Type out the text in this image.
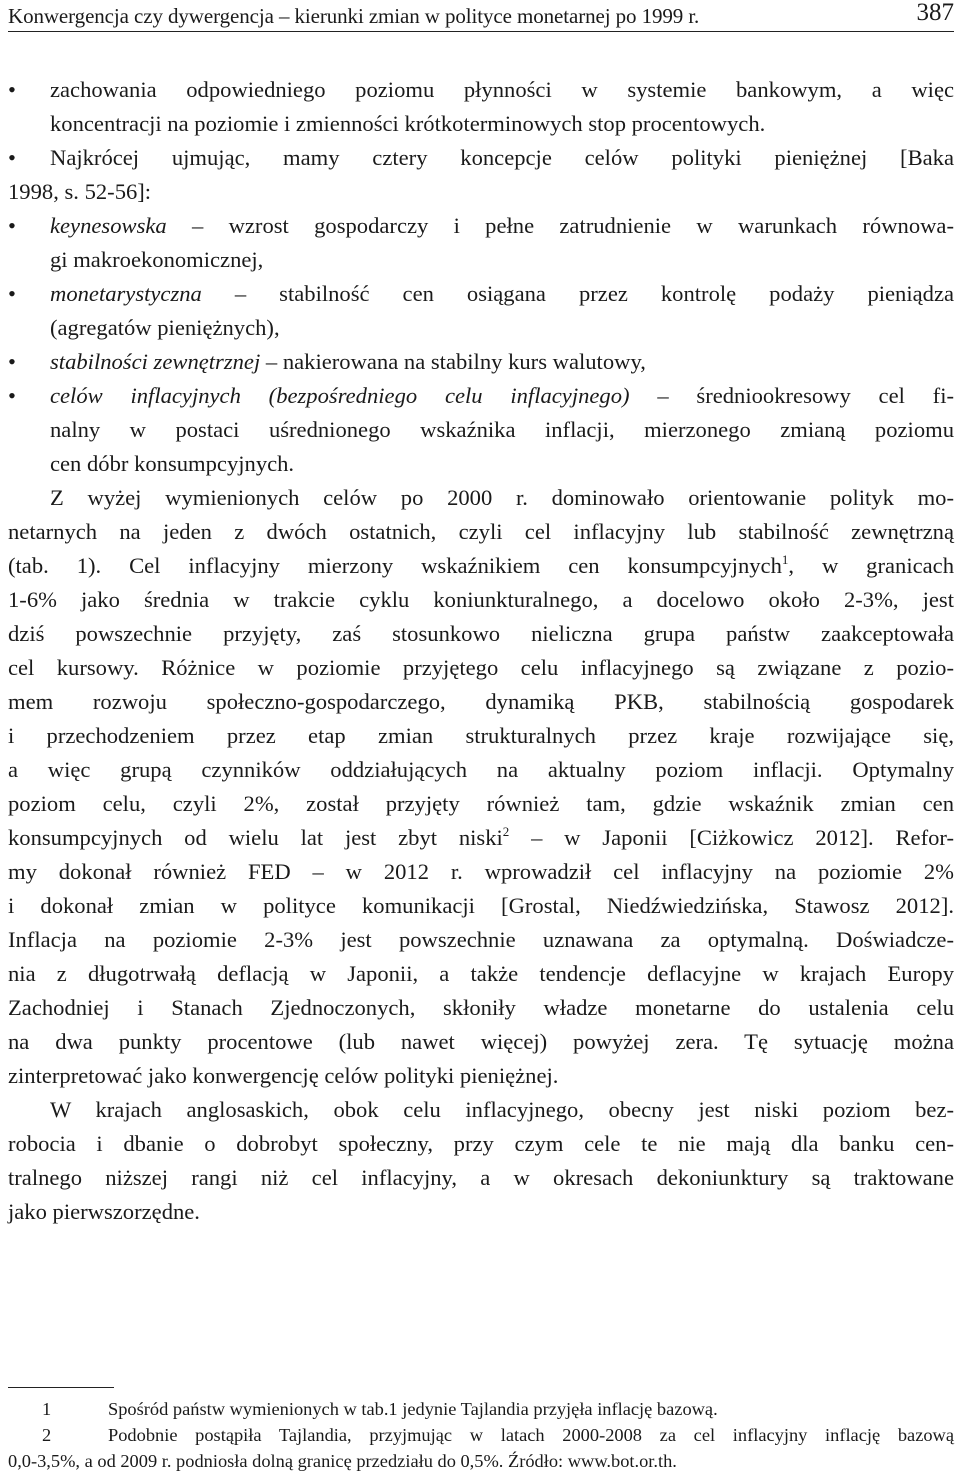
Konwergencja czy dywergencja – kierunki zmian w polityce monetarnej po 1999 r.	387
• zachowania odpowiedniego poziomu płynności w systemie bankowym, a więc
koncentracji na poziomie i zmienności krótkoterminowych stop procentowych.
• Najkrócej ujmując, mamy cztery koncepcje celów polityki pieniężnej [Baka
1998, s. 52-56]:
• keynesowska – wzrost gospodarczy i pełne zatrudnienie w warunkach równowa-
gi makroekonomicznej,
• monetarystyczna – stabilność cen osiągana przez kontrolę podaży pieniądza
(agregatów pieniężnych),
• stabilności zewnętrznej – nakierowana na stabilny kurs walutowy,
• celów inflacyjnych (bezpośredniego celu inflacyjnego) – średniookresowy cel fi-
nalny w postaci uśrednionego wskaźnika inflacji, mierzonego zmianą poziomu
cen dóbr konsumpcyjnych.
Z wyżej wymienionych celów po 2000 r. dominowało orientowanie polityk mo-
netarnych na jeden z dwóch ostatnich, czyli cel inflacyjny lub stabilność zewnętrzną
(tab. 1). Cel inflacyjny mierzony wskaźnikiem cen konsumpcyjnych$^1$, w granicach
1-6% jako średnia w trakcie cyklu koniunkturalnego, a docelowo około 2-3%, jest
dziś powszechnie przyjęty, zaś stosunkowo nieliczna grupa państw zaakceptowała
cel kursowy. Różnice w poziomie przyjętego celu inflacyjnego są związane z pozio-
mem rozwoju społeczno-gospodarczego, dynamiką PKB, stabilnością gospodarek
i przechodzeniem przez etap zmian strukturalnych przez kraje rozwijające się,
a więc grupą czynników oddziałujących na aktualny poziom inflacji. Optymalny
poziom celu, czyli 2%, został przyjęty również tam, gdzie wskaźnik zmian cen
konsumpcyjnych od wielu lat jest zbyt niski$^2$ – w Japonii [Ciżkowicz 2012]. Refor-
my dokonał również FED – w 2012 r. wprowadził cel inflacyjny na poziomie 2%
i dokonał zmian w polityce komunikacji [Grostal, Niedźwiedzińska, Stawosz 2012].
Inflacja na poziomie 2-3% jest powszechnie uznawana za optymalną. Doświadcze-
nia z długotrwałą deflacją w Japonii, a także tendencje deflacyjne w krajach Europy
Zachodniej i Stanach Zjednoczonych, skłoniły władze monetarne do ustalenia celu
na dwa punkty procentowe (lub nawet więcej) powyżej zera. Tę sytuację można
zinterpretować jako konwergencję celów polityki pieniężnej.
W krajach anglosaskich, obok celu inflacyjnego, obecny jest niski poziom bez-
robocia i dbanie o dobrobyt społeczny, przy czym cele te nie mają dla banku cen-
tralnego niższej rangi niż cel inflacyjny, a w okresach dekoniunktury są traktowane
jako pierwszorzędne.
1	Spośród państw wymienionych w tab.1 jedynie Tajlandia przyjęła inflację bazową.
2	Podobnie postąpiła Tajlandia, przyjmując w latach 2000-2008 za cel inflacyjny inflację bazową
0,0-3,5%, a od 2009 r. podniosła dolną granicę przedziału do 0,5%. Źródło: www.bot.or.th.
